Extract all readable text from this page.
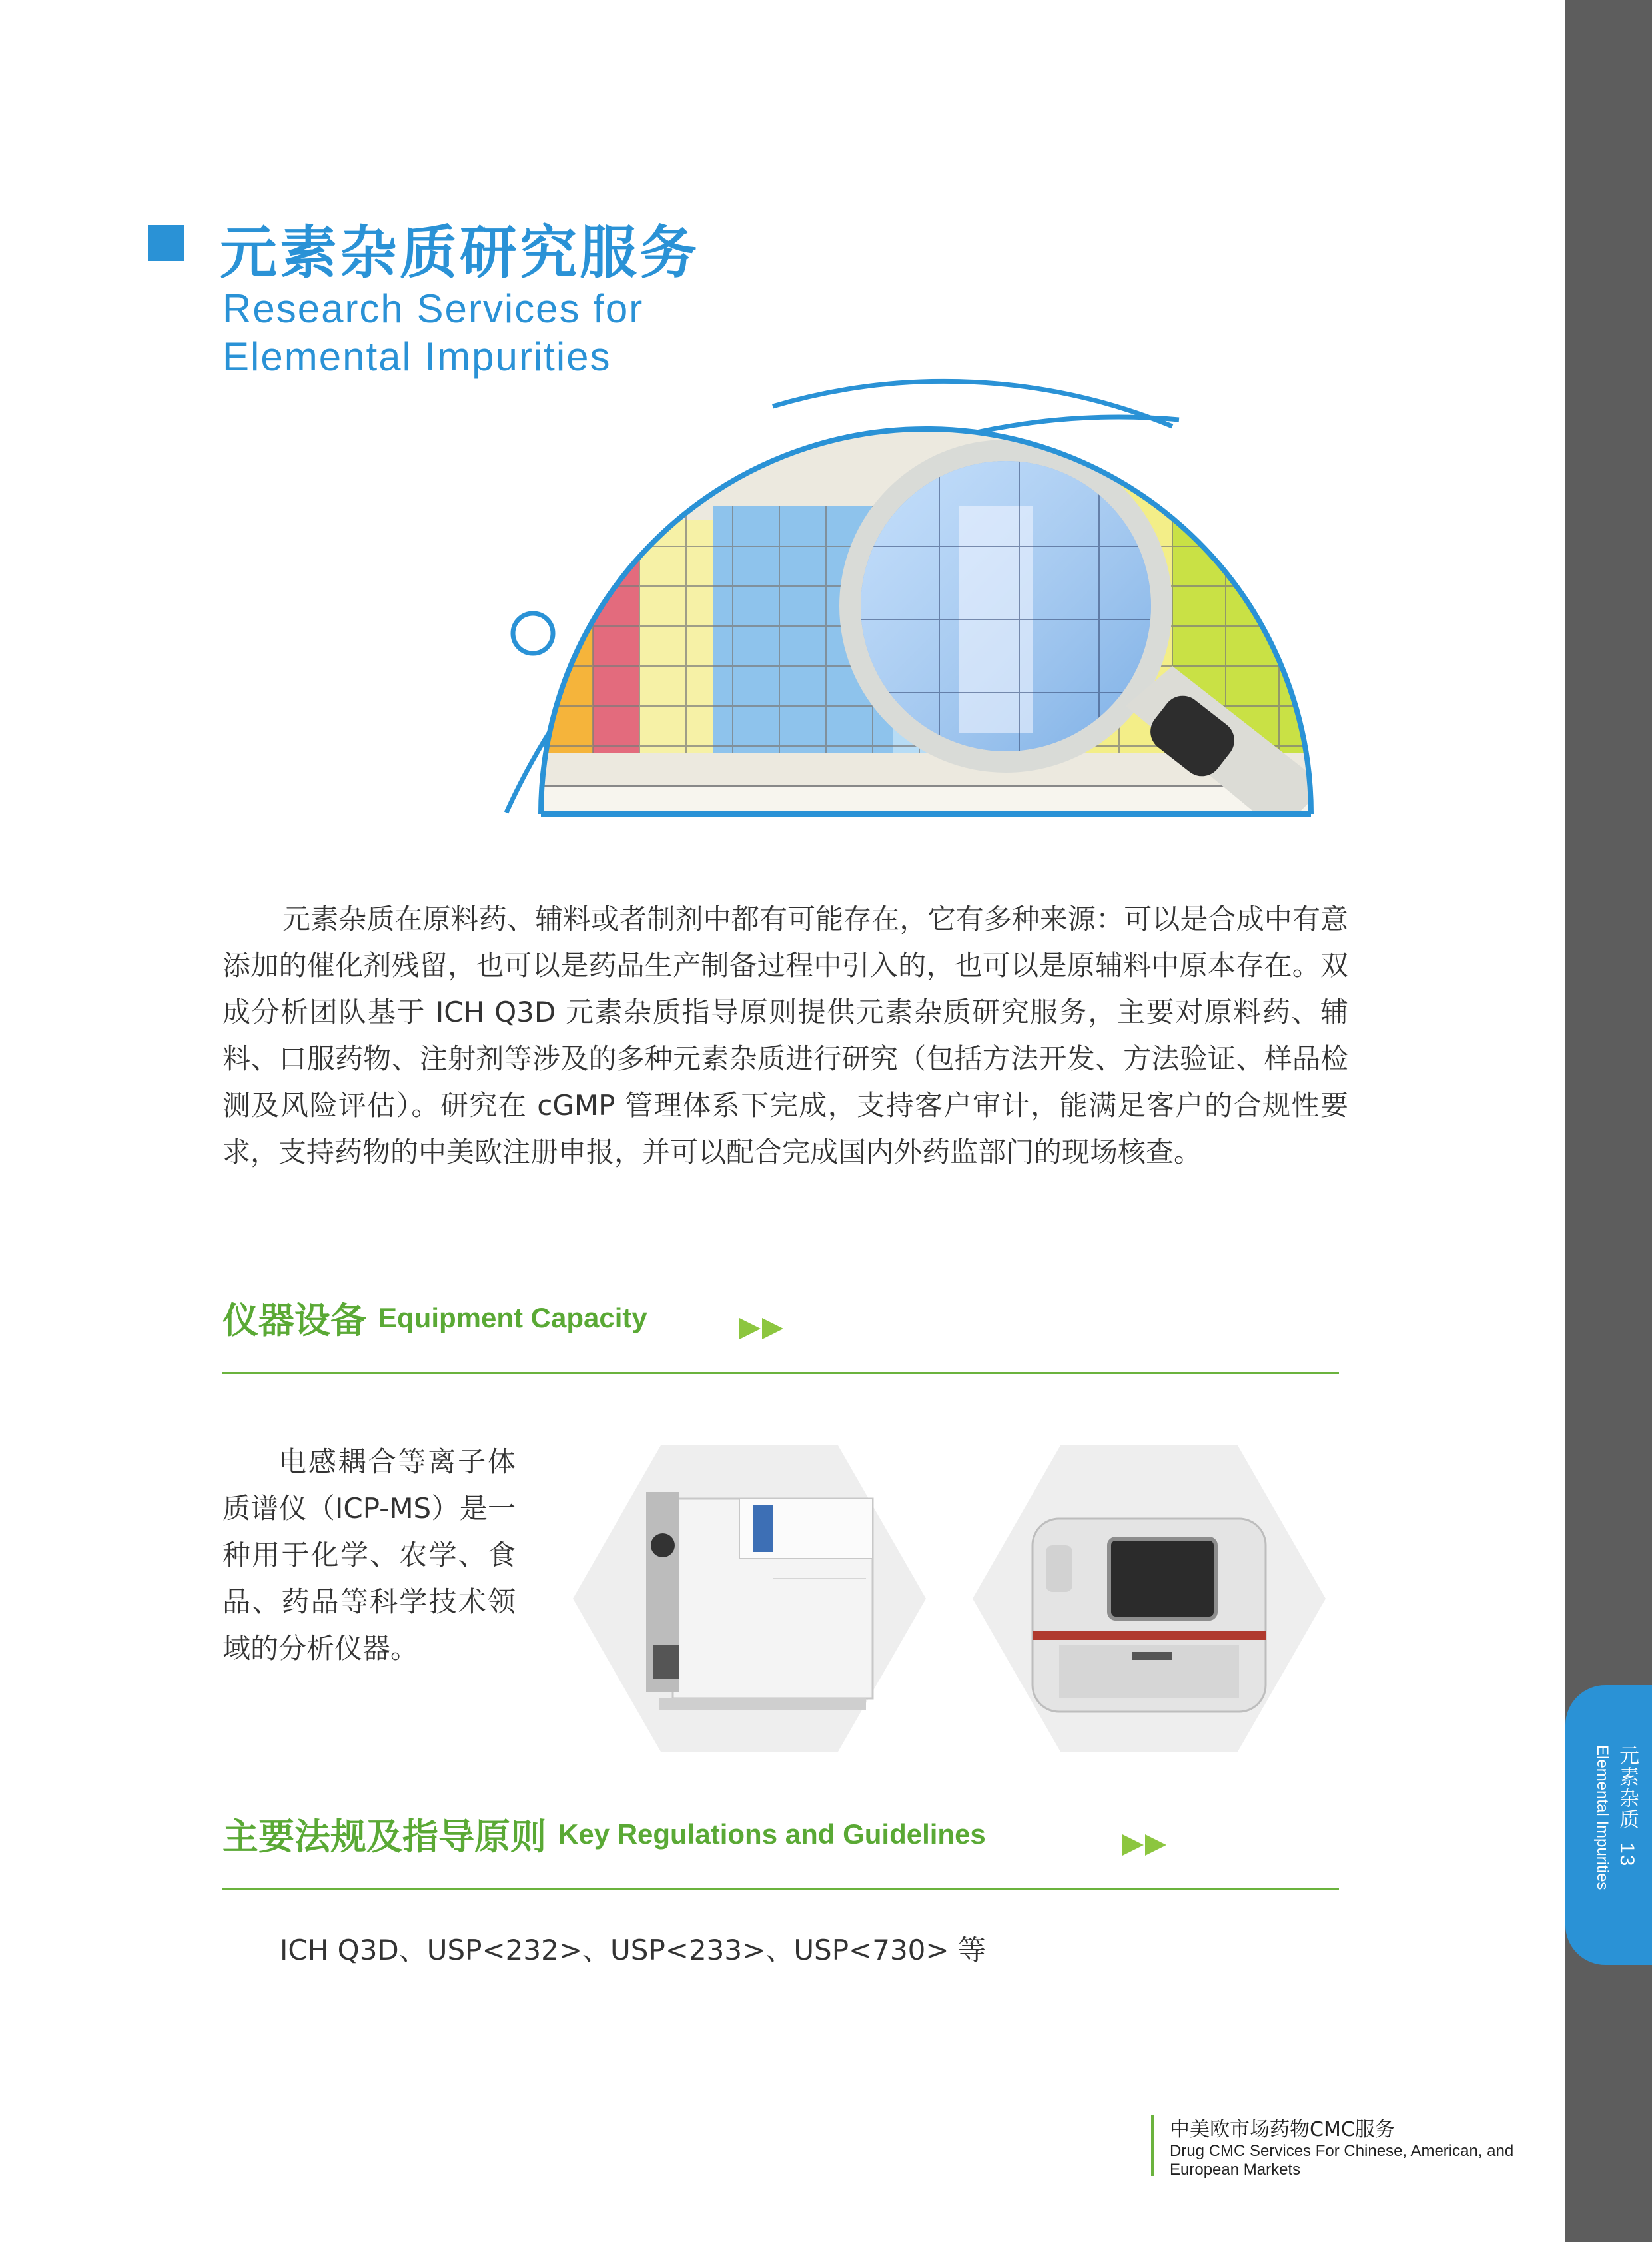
元素杂质 13
Elemental Impurities
元素杂质研究服务
Research Services for Elemental Impurities

元素杂质在原料药、辅料或者制剂中都有可能存在，它有多种来源：可以是合成中有意添加的催化剂残留，也可以是药品生产制备过程中引入的，也可以是原辅料中原本存在。双成分析团队基于 ICH Q3D 元素杂质指导原则提供元素杂质研究服务，主要对原料药、辅料、口服药物、注射剂等涉及的多种元素杂质进行研究（包括方法开发、方法验证、样品检测及风险评估）。研究在 cGMP 管理体系下完成，支持客户审计，能满足客户的合规性要求，支持药物的中美欧注册申报，并可以配合完成国内外药监部门的现场核查。

仪器设备 Equipment Capacity

电感耦合等离子体质谱仪（ICP-MS）是一种用于化学、农学、食品、药品等科学技术领域的分析仪器。

主要法规及指导原则 Key Regulations and Guidelines
ICH Q3D、USP<232>、USP<233>、USP<730> 等
中美欧市场药物CMC服务
Drug CMC Services For Chinese, American, and European Markets
